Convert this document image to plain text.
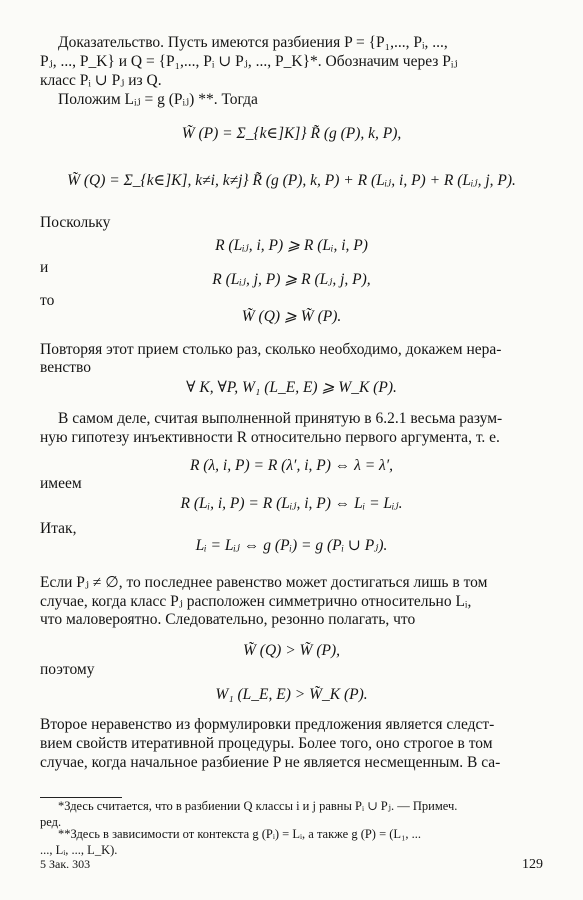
Доказательство. Пусть имеются разбиения P = {P₁,..., Pᵢ, ...,
Pⱼ, ..., P_K} и Q = {P₁,..., Pᵢ ∪ Pⱼ, ..., P_K}*. Обозначим через Pᵢⱼ
класс Pᵢ ∪ Pⱼ из Q.
Положим Lᵢⱼ = g (Pᵢⱼ) **. Тогда
W̃ (P) = Σ_{k∈]K]} R̃ (g (P), k, P),
W̃ (Q) = Σ_{k∈]K], k≠i, k≠j} R̃ (g (P), k, P) + R (Lᵢⱼ, i, P) + R (Lᵢⱼ, j, P).
Поскольку
R (Lᵢⱼ, i, P) ⩾ R (Lᵢ, i, P)
и
R (Lᵢⱼ, j, P) ⩾ R (Lⱼ, j, P),
то
W̃ (Q) ⩾ W̃ (P).
Повторяя этот прием столько раз, сколько необходимо, докажем нера-
венство
∀ K, ∀P, W₁ (L_E, E) ⩾ W_K (P).
В самом деле, считая выполненной принятую в 6.2.1 весьма разум-
ную гипотезу инъективности R относительно первого аргумента, т. е.
R (λ, i, P) = R (λ′, i, P) ⇔ λ = λ′,
имеем
R (Lᵢ, i, P) = R (Lᵢⱼ, i, P) ⇔ Lᵢ = Lᵢⱼ.
Итак,
Lᵢ = Lᵢⱼ ⇔ g (Pᵢ) = g (Pᵢ ∪ Pⱼ).
Если Pⱼ ≠ ∅, то последнее равенство может достигаться лишь в том
случае, когда класс Pⱼ расположен симметрично относительно Lᵢ,
что маловероятно. Следовательно, резонно полагать, что
W̃ (Q) > W̃ (P),
поэтому
W₁ (L_E, E) > W̃_K (P).
Второе неравенство из формулировки предложения является следст-
вием свойств итеративной процедуры. Более того, оно строгое в том
случае, когда начальное разбиение P не является несмещенным. В са-
*Здесь считается, что в разбиении Q классы i и j равны Pᵢ ∪ Pⱼ. — Примеч.
ред.
**Здесь в зависимости от контекста g (Pᵢ) = Lᵢ, а также g (P) = (L₁, ...
..., Lᵢ, ..., L_K).
5 Зак. 303	129
